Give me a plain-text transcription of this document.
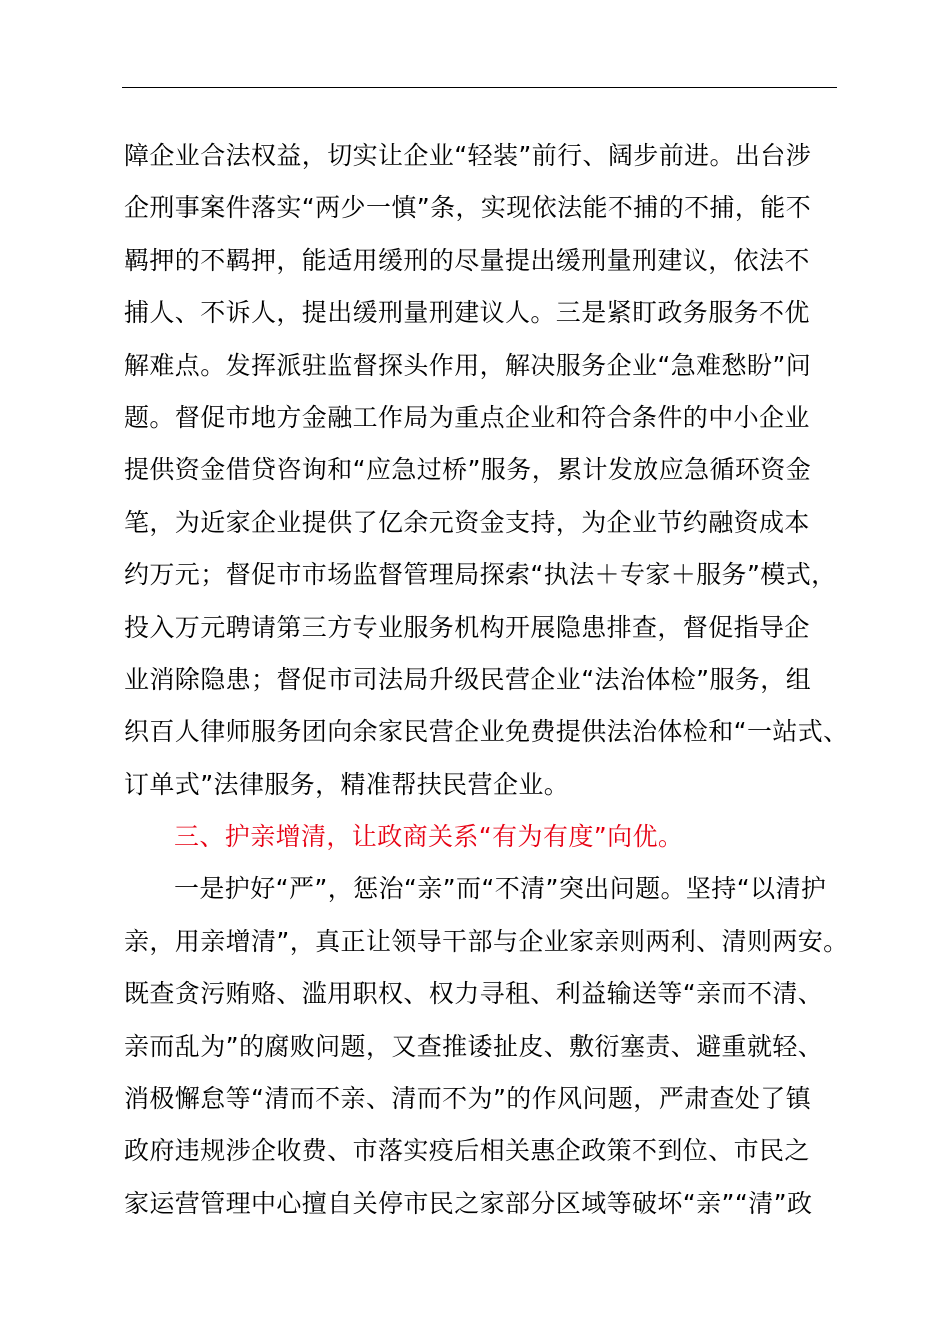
障企业合法权益，切实让企业“轻装”前行、阔步前进。出台涉
企刑事案件落实“两少一慎”条，实现依法能不捕的不捕，能不
羁押的不羁押，能适用缓刑的尽量提出缓刑量刑建议，依法不
捕人、不诉人，提出缓刑量刑建议人。三是紧盯政务服务不优
解难点。发挥派驻监督探头作用，解决服务企业“急难愁盼”问
题。督促市地方金融工作局为重点企业和符合条件的中小企业
提供资金借贷咨询和“应急过桥”服务，累计发放应急循环资金
笔，为近家企业提供了亿余元资金支持，为企业节约融资成本
约万元；督促市市场监督管理局探索“执法＋专家＋服务”模式，
投入万元聘请第三方专业服务机构开展隐患排查，督促指导企
业消除隐患；督促市司法局升级民营企业“法治体检”服务，组
织百人律师服务团向余家民营企业免费提供法治体检和“一站式、
订单式”法律服务，精准帮扶民营企业。
三、护亲增清，让政商关系“有为有度”向优。
一是护好“严”，惩治“亲”而“不清”突出问题。坚持“以清护
亲，用亲增清”，真正让领导干部与企业家亲则两利、清则两安。
既查贪污贿赂、滥用职权、权力寻租、利益输送等“亲而不清、
亲而乱为”的腐败问题，又查推诿扯皮、敷衍塞责、避重就轻、
消极懈怠等“清而不亲、清而不为”的作风问题，严肃查处了镇
政府违规涉企收费、市落实疫后相关惠企政策不到位、市民之
家运营管理中心擅自关停市民之家部分区域等破坏“亲”“清”政
